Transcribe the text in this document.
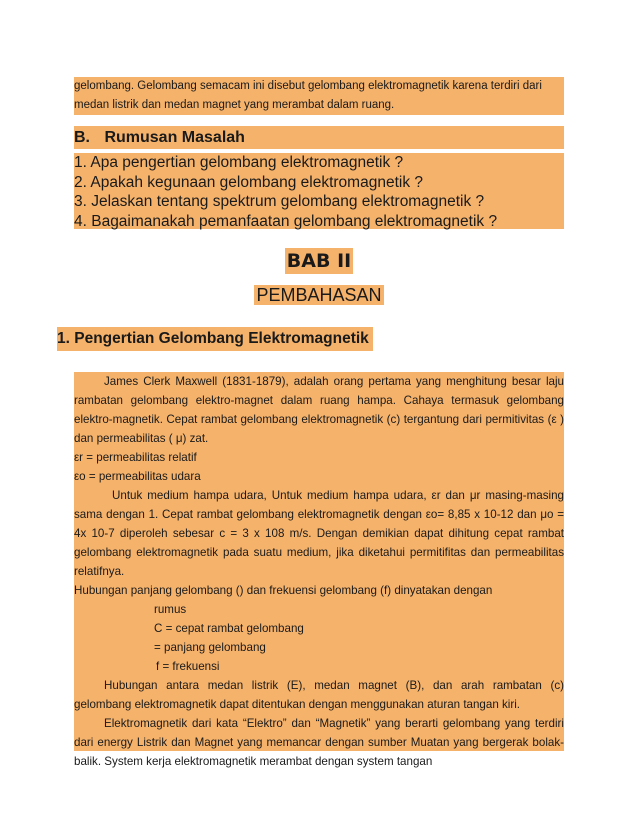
gelombang. Gelombang semacam ini disebut gelombang elektromagnetik karena terdiri dari

medan listrik dan medan magnet yang merambat dalam ruang.

B. Rumusan Masalah
1. Apa pengertian gelombang elektromagnetik ?
2. Apakah kegunaan gelombang elektromagnetik ?
3. Jelaskan tentang spektrum gelombang elektromagnetik ?
4. Bagaimanakah pemanfaatan gelombang elektromagnetik ?
BAB II
PEMBAHASAN
1. Pengertian Gelombang Elektromagnetik

James Clerk Maxwell (1831-1879), adalah orang pertama yang menghitung besar laju rambatan gelombang elektro-magnet dalam ruang hampa. Cahaya termasuk gelombang elektro-magnetik. Cepat rambat gelombang elektromagnetik (c) tergantung dari permitivitas (ε ) dan permeabilitas ( μ) zat.

εr = permeabilitas relatif

εo = permeabilitas udara

Untuk medium hampa udara, Untuk medium hampa udara, εr dan μr masing-masing sama dengan 1. Cepat rambat gelombang elektromagnetik dengan εo= 8,85 x 10-12 dan μo = 4x 10-7 diperoleh sebesar c = 3 x 108 m/s. Dengan demikian dapat dihitung cepat rambat gelombang elektromagnetik pada suatu medium, jika diketahui permitifitas dan permeabilitas relatifnya.

Hubungan panjang gelombang () dan frekuensi gelombang (f) dinyatakan dengan

rumus

C = cepat rambat gelombang

= panjang gelombang

f = frekuensi

Hubungan antara medan listrik (E), medan magnet (B), dan arah rambatan (c) gelombang elektromagnetik dapat ditentukan dengan menggunakan aturan tangan kiri.

Elektromagnetik dari kata “Elektro” dan “Magnetik” yang berarti gelombang yang terdiri dari energy Listrik dan Magnet yang memancar dengan sumber Muatan yang bergerak bolak-balik. System kerja elektromagnetik merambat dengan system tangan
